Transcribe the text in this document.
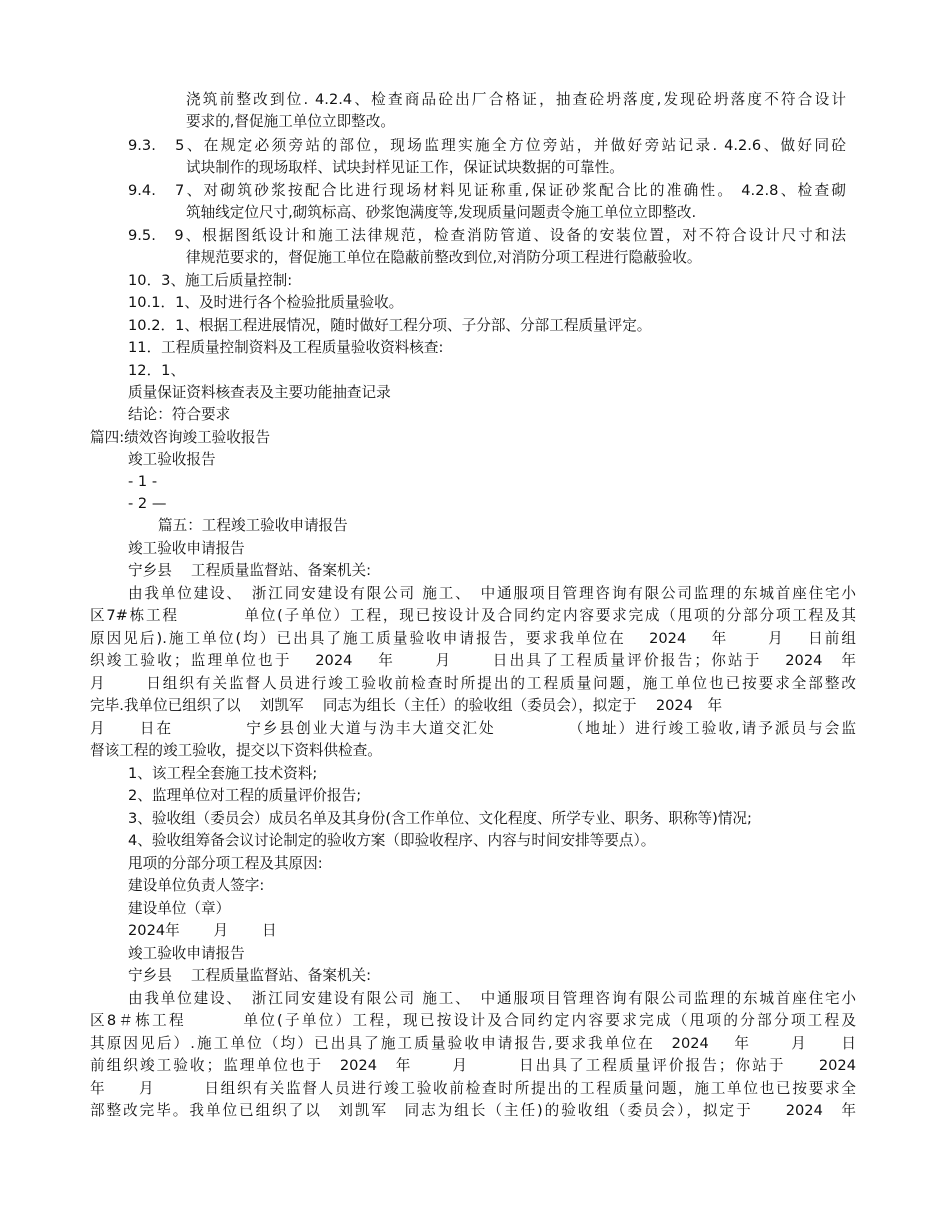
浇筑前整改到位. 4.2.4、检查商品砼出厂合格证，抽查砼坍落度,发现砼坍落度不符合设计
要求的,督促施工单位立即整改。
9.3.　5、在规定必须旁站的部位，现场监理实施全方位旁站，并做好旁站记录. 4.2.6、做好同砼
试块制作的现场取样、试块封样见证工作，保证试块数据的可靠性。
9.4.　7、对砌筑砂浆按配合比进行现场材料见证称重,保证砂浆配合比的准确性。 4.2.8、检查砌
筑轴线定位尺寸,砌筑标高、砂浆饱满度等,发现质量问题责令施工单位立即整改.
9.5.　9、根据图纸设计和施工法律规范，检查消防管道、设备的安装位置，对不符合设计尺寸和法
律规范要求的，督促施工单位在隐蔽前整改到位,对消防分项工程进行隐蔽验收。
10．3、施工后质量控制:
10.1．1、及时进行各个检验批质量验收。
10.2．1、根据工程进展情况，随时做好工程分项、子分部、分部工程质量评定。
11．工程质量控制资料及工程质量验收资料核查:
12．1、
质量保证资料核查表及主要功能抽查记录
结论：符合要求
篇四:绩效咨询竣工验收报告
竣工验收报告
- 1 -
- 2 —
篇五：工程竣工验收申请报告
竣工验收申请报告
宁乡县　 工程质量监督站、备案机关:
由我单位建设、　浙江同安建设有限公司 施工、　中通服项目管理咨询有限公司监理的东城首座住宅小
区7#栋工程　　　　单位(子单位）工程，现已按设计及合同约定内容要求完成（甩项的分部分项工程及其
原因见后).施工单位(均）已出具了施工质量验收申请报告，要求我单位在　 2024　 年　　 月　 日前组
织竣工验收；监理单位也于　 2024　 年　　 月　　 日出具了工程质量评价报告；你站于　 2024　年
月　　 日组织有关监督人员进行竣工验收前检查时所提出的工程质量问题，施工单位也已按要求全部整改
完毕.我单位已组织了以　 刘凯军　 同志为组长（主任）的验收组（委员会），拟定于　 2024　年
月　　日在　　　　 宁乡县创业大道与沩丰大道交汇处　　　　 （地址）进行竣工验收,请予派员与会监
督该工程的竣工验收，提交以下资料供检查。
1、该工程全套施工技术资料;
2、监理单位对工程的质量评价报告;
3、验收组（委员会）成员名单及其身份(含工作单位、文化程度、所学专业、职务、职称等)情况;
4、验收组筹备会议讨论制定的验收方案（即验收程序、内容与时间安排等要点）。
甩项的分部分项工程及其原因:
建设单位负责人签字:
建设单位（章）
2024年　　 月　　 日
竣工验收申请报告
宁乡县　 工程质量监督站、备案机关:
由我单位建设、　浙江同安建设有限公司 施工、　中通服项目管理咨询有限公司监理的东城首座住宅小
区8＃栋工程　　　 单位(子单位）工程，现已按设计及合同约定内容要求完成（甩项的分部分项工程及
其原因见后）.施工单位（均）已出具了施工质量验收申请报告,要求我单位在　2024　 年　　 月　　日
前组织竣工验收；监理单位也于　2024　年　　 月　　　日出具了工程质量评价报告；你站于　　2024
年　　月　　　日组织有关监督人员进行竣工验收前检查时所提出的工程质量问题，施工单位也已按要求全
部整改完毕。我单位已组织了以　刘凯军　同志为组长（主任)的验收组（委员会），拟定于　　2024　年
